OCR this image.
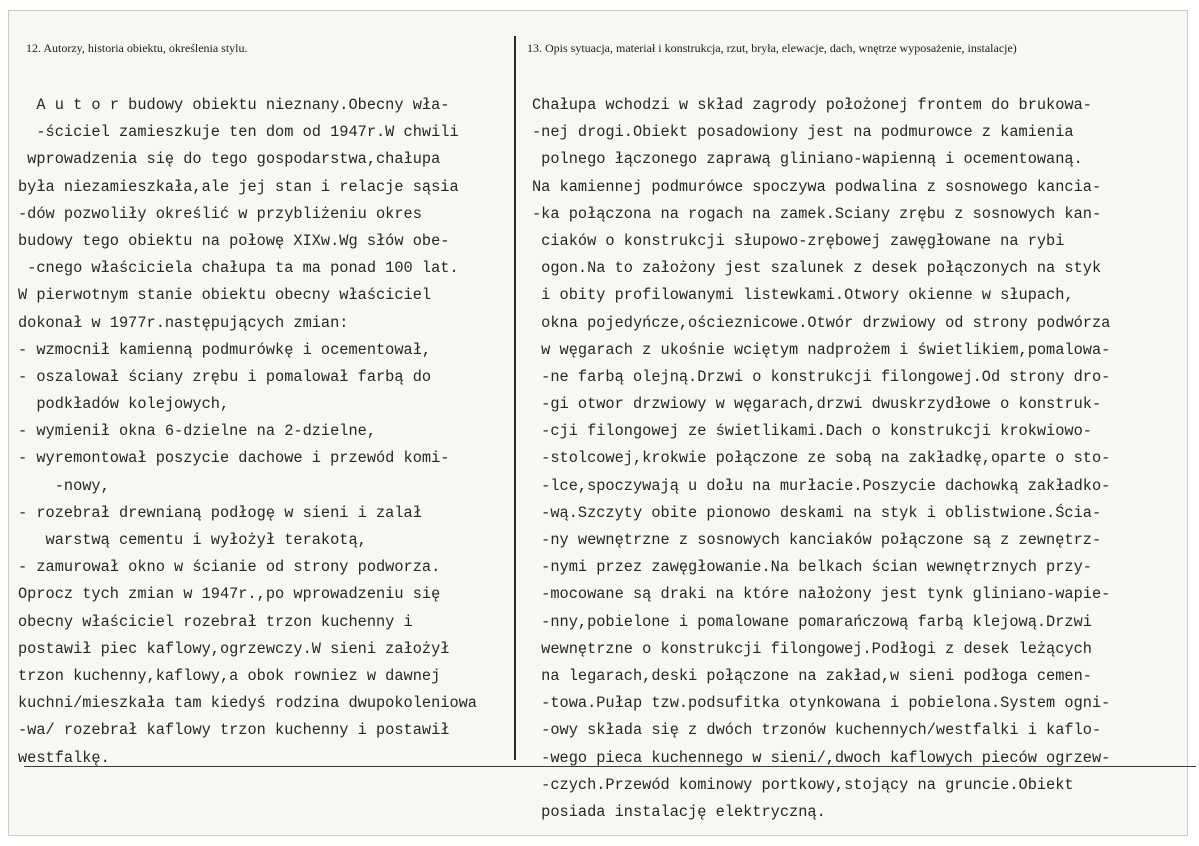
12. Autorzy, historia obiektu, określenia stylu.	13. Opis sytuacja, materiał i konstrukcja, rzut, bryła, elewacje, dach, wnętrze wyposażenie, instalacje)
A u t o r budowy obiektu nieznany.Obecny wła-
-ściciel zamieszkuje ten dom od 1947r.W chwili
wprowadzenia się do tego gospodarstwa,chałupa
była niezamieszkała,ale jej stan i relacje sąsia
-dów pozwoliły określić w przybliżeniu okres
budowy tego obiektu na połowę XIXw.Wg słów obe-
-cnego właściciela chałupa ta ma ponad 100 lat.
W pierwotnym stanie obiektu obecny właściciel
dokonał w 1977r.następujących zmian:
- wzmocnił kamienną podmurówkę i ocementował,
- oszalował ściany zrębu i pomalował farbą do
podkładów kolejowych,
- wymienił okna 6-dzielne na 2-dzielne,
- wyremontował poszycie dachowe i przewód komi-
-nowy,
- rozebrał drewnianą podłogę w sieni i zalał
warstwą cementu i wyłożył terakotą,
- zamurował okno w ścianie od strony podworza.
Oprocz tych zmian w 1947r.,po wprowadzeniu się
obecny właściciel rozebrał trzon kuchenny i
postawił piec kaflowy,ogrzewczy.W sieni założył
trzon kuchenny,kaflowy,a obok rowniez w dawnej
kuchni/mieszkała tam kiedyś rodzina dwupokoleniowa
-wa/ rozebrał kaflowy trzon kuchenny i postawił
westfalkę.
Chałupa wchodzi w skład zagrody położonej frontem do brukowa-
-nej drogi.Obiekt posadowiony jest na podmurowce z kamienia
polnego łączonego zaprawą gliniano-wapienną i ocementowaną.
Na kamiennej podmurówce spoczywa podwalina z sosnowego kancia-
-ka połączona na rogach na zamek.Sciany zrębu z sosnowych kan-
ciaków o konstrukcji słupowo-zrębowej zawęgłowane na rybi
ogon.Na to założony jest szalunek z desek połączonych na styk
i obity profilowanymi listewkami.Otwory okienne w słupach,
okna pojedyńcze,ościeznicowe.Otwór drzwiowy od strony podwórza
w węgarach z ukośnie wciętym nadprożem i świetlikiem,pomalowa-
-ne farbą olejną.Drzwi o konstrukcji filongowej.Od strony dro-
-gi otwor drzwiowy w węgarach,drzwi dwuskrzydłowe o konstruk-
-cji filongowej ze świetlikami.Dach o konstrukcji krokwiowo-
-stolcowej,krokwie połączone ze sobą na zakładkę,oparte o sto-
-lce,spoczywają u dołu na murłacie.Poszycie dachowką zakładko-
-wą.Szczyty obite pionowo deskami na styk i oblistwione.Ścia-
-ny wewnętrzne z sosnowych kanciaków połączone są z zewnętrz-
-nymi przez zawęgłowanie.Na belkach ścian wewnętrznych przy-
-mocowane są draki na które nałożony jest tynk gliniano-wapie-
-nny,pobielone i pomalowane pomarańczową farbą klejową.Drzwi
wewnętrzne o konstrukcji filongowej.Podłogi z desek leżących
na legarach,deski połączone na zakład,w sieni podłoga cemen-
-towa.Pułap tzw.podsufitka otynkowana i pobielona.System ogni-
-owy składa się z dwóch trzonów kuchennych/westfalki i kaflo-
-wego pieca kuchennego w sieni/,dwoch kaflowych pieców ogrzew-
-czych.Przewód kominowy portkowy,stojący na gruncie.Obiekt
posiada instalację elektryczną.
